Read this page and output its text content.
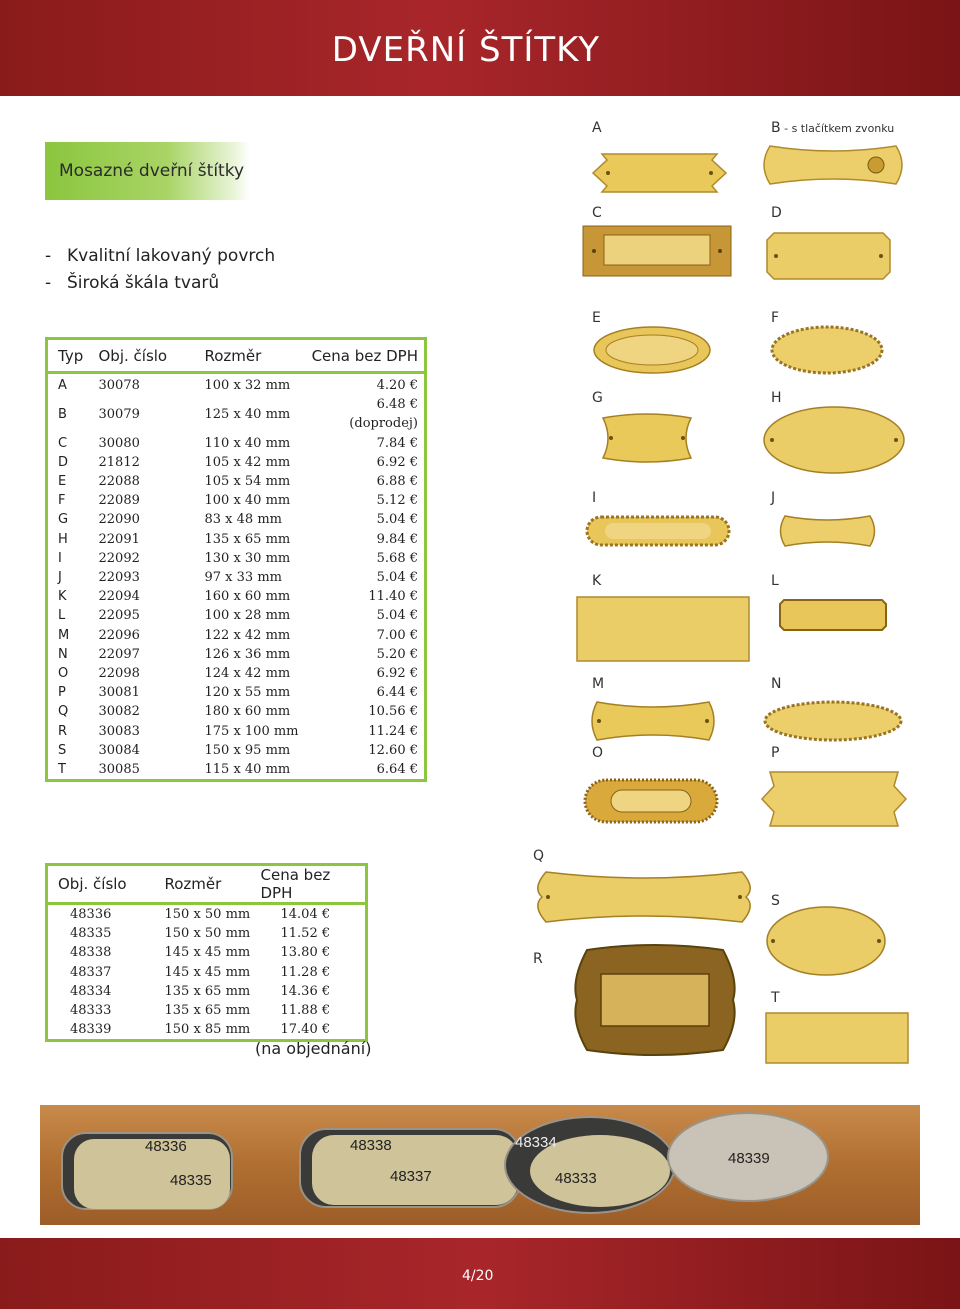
DVEŘNÍ ŠTÍTKY
Mosazné dveřní štítky
- Kvalitní lakovaný povrch
- Široká škála tvarů
Typ	Obj. číslo	Rozměr	Cena bez DPH
A	30078	100 x 32 mm	4.20 €
B	30079	125 x 40 mm	6.48 € (doprodej)
C	30080	110 x 40 mm	7.84 €
D	21812	105 x 42 mm	6.92 €
E	22088	105 x 54 mm	6.88 €
F	22089	100 x 40 mm	5.12 €
G	22090	83 x 48 mm	5.04 €
H	22091	135 x 65 mm	9.84 €
I	22092	130 x 30 mm	5.68 €
J	22093	97 x 33 mm	5.04 €
K	22094	160 x 60 mm	11.40 €
L	22095	100 x 28 mm	5.04 €
M	22096	122 x 42 mm	7.00 €
N	22097	126 x 36 mm	5.20 €
O	22098	124 x 42 mm	6.92 €
P	30081	120 x 55 mm	6.44 €
Q	30082	180 x 60 mm	10.56 €
R	30083	175 x 100 mm	11.24 €
S	30084	150 x 95 mm	12.60 €
T	30085	115 x 40 mm	6.64 €
Obj. číslo	Rozměr	Cena bez DPH
48336	150 x 50 mm	14.04 €
48335	150 x 50 mm	11.52 €
48338	145 x 45 mm	13.80 €
48337	145 x 45 mm	11.28 €
48334	135 x 65 mm	14.36 €
48333	135 x 65 mm	11.88 €
48339	150 x 85 mm	17.40 €
(na objednání)
A	B - s tlačítkem zvonku
C	D
E	F
G	H
I	J
K	L
M	N
O	P
Q
S
R
T
48336
48335
48338
48337
48334
48333
48339
4/20
